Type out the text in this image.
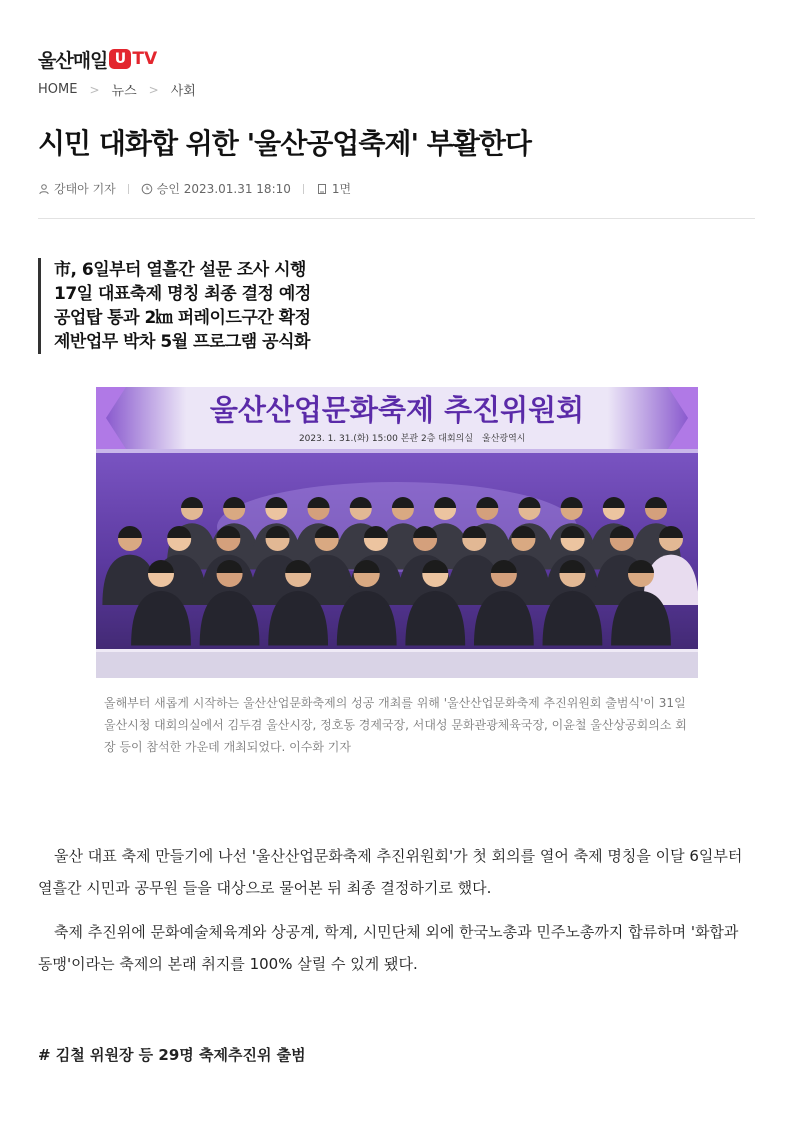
울산매일 U TV
HOME > 뉴스 > 사회
시민 대화합 위한 '울산공업축제' 부활한다
강태아 기자	승인 2023.01.31 18:10	1면
市, 6일부터 열흘간 설문 조사 시행
17일 대표축제 명칭 최종 결정 예정
공업탑 통과 2㎞ 퍼레이드구간 확정
제반업무 박차 5월 프로그램 공식화
울산산업문화축제 추진위원회
2023. 1. 31.(화) 15:00 본관 2층 대회의실 울산광역시
올해부터 새롭게 시작하는 울산산업문화축제의 성공 개최를 위해 '울산산업문화축제 추진위원회 출범식'이 31일 울산시청 대회의실에서 김두겸 울산시장, 정호동 경제국장, 서대성 문화관광체육국장, 이윤철 울산상공회의소 회장 등이 참석한 가운데 개최되었다. 이수화 기자

울산 대표 축제 만들기에 나선 '울산산업문화축제 추진위원회'가 첫 회의를 열어 축제 명칭을 이달 6일부터 열흘간 시민과 공무원 들을 대상으로 물어본 뒤 최종 결정하기로 했다.

축제 추진위에 문화예술체육계와 상공계, 학계, 시민단체 외에 한국노총과 민주노총까지 합류하며 '화합과 동맹'이라는 축제의 본래 취지를 100% 살릴 수 있게 됐다.

# 김철 위원장 등 29명 축제추진위 출범
